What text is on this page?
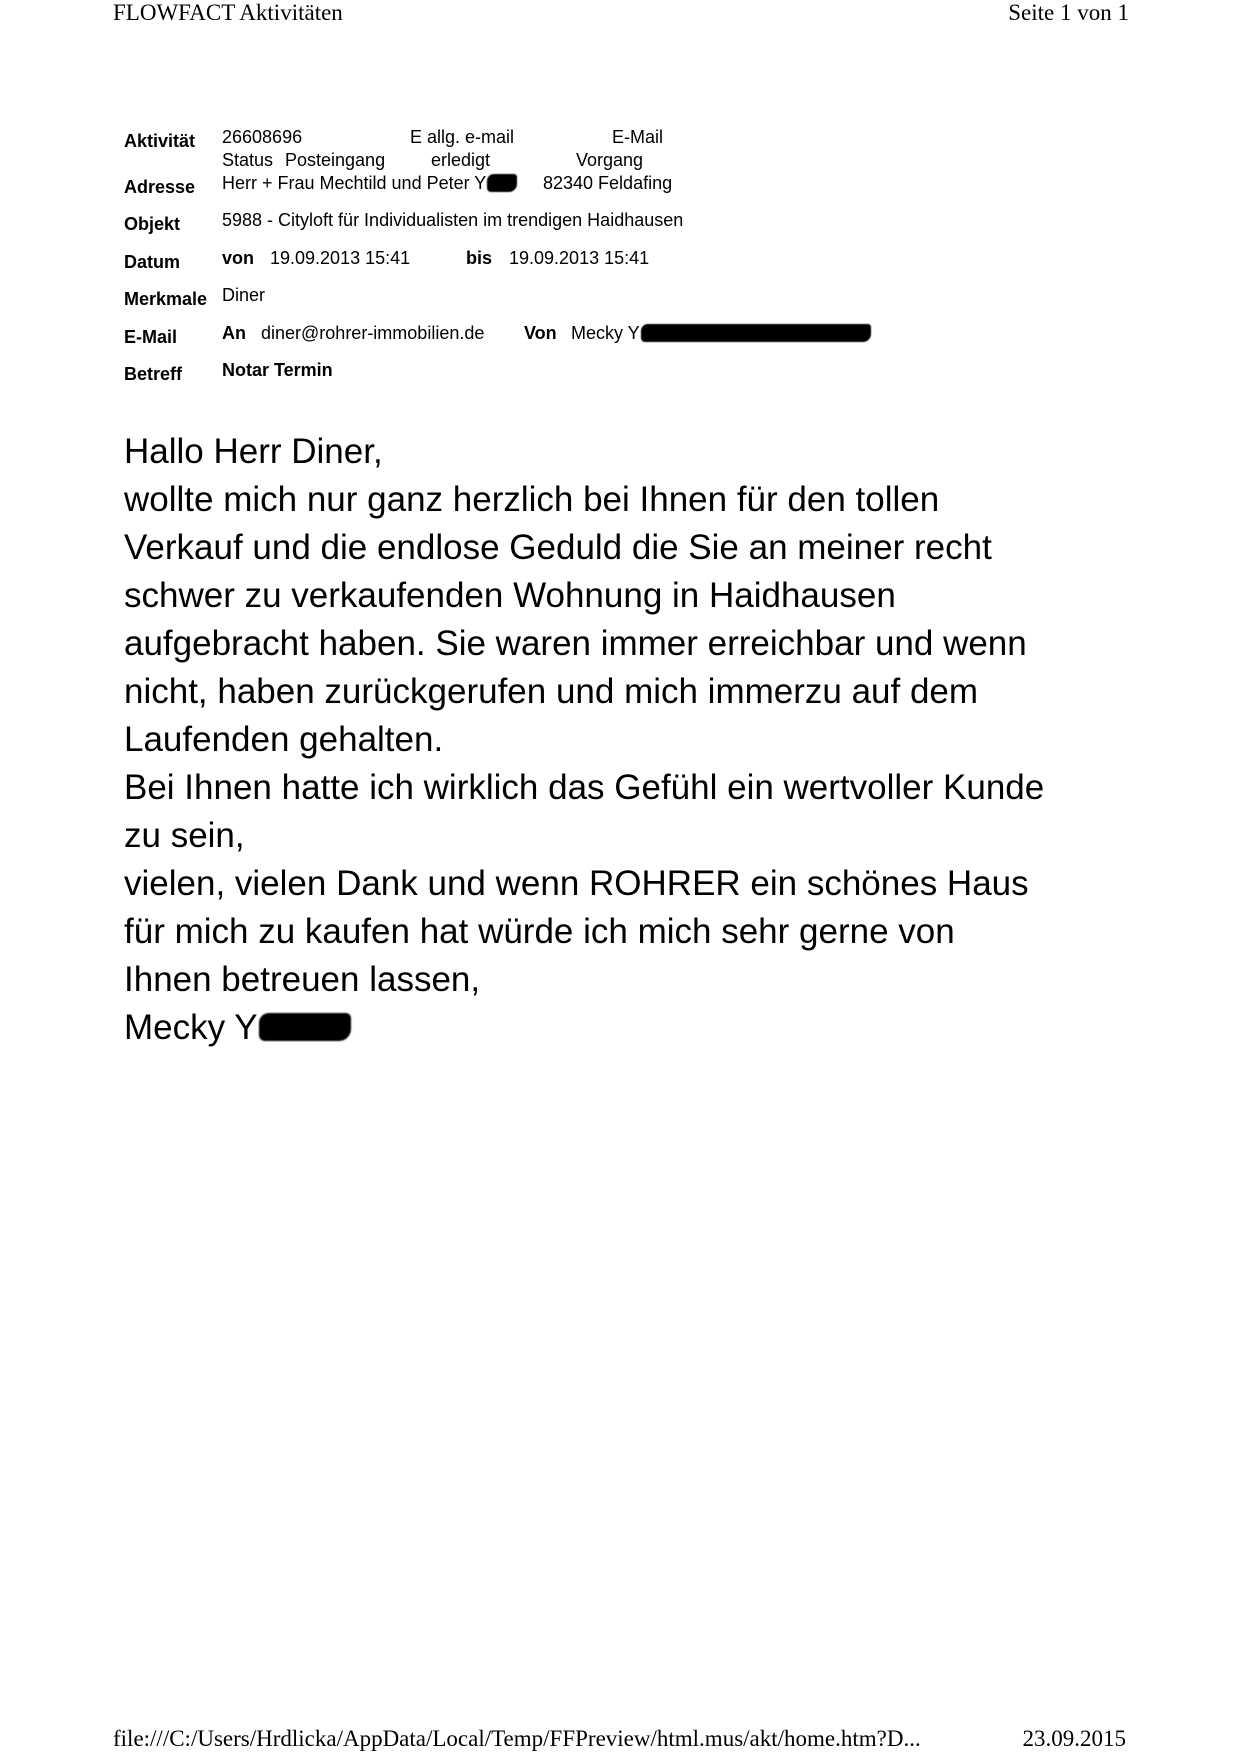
FLOWFACT Aktivitäten	Seite 1 von 1
Aktivität 26608696	E allg. e-mail	E-Mail
Status Posteingang	erledigt	Vorgang
Adresse Herr + Frau Mechtild und Peter Y	82340 Feldafing
Objekt 5988 - Cityloft für Individualisten im trendigen Haidhausen
Datum von 19.09.2013 15:41	bis 19.09.2013 15:41
Merkmale Diner
E-Mail An diner@rohrer-immobilien.de Von Mecky Y
Betreff Notar Termin
Hallo Herr Diner,
wollte mich nur ganz herzlich bei Ihnen für den tollen
Verkauf und die endlose Geduld die Sie an meiner recht
schwer zu verkaufenden Wohnung in Haidhausen
aufgebracht haben. Sie waren immer erreichbar und wenn
nicht, haben zurückgerufen und mich immerzu auf dem
Laufenden gehalten.
Bei Ihnen hatte ich wirklich das Gefühl ein wertvoller Kunde
zu sein,
vielen, vielen Dank und wenn ROHRER ein schönes Haus
für mich zu kaufen hat würde ich mich sehr gerne von
Ihnen betreuen lassen,
Mecky Y
file:///C:/Users/Hrdlicka/AppData/Local/Temp/FFPreview/html.mus/akt/home.htm?D...	23.09.2015
